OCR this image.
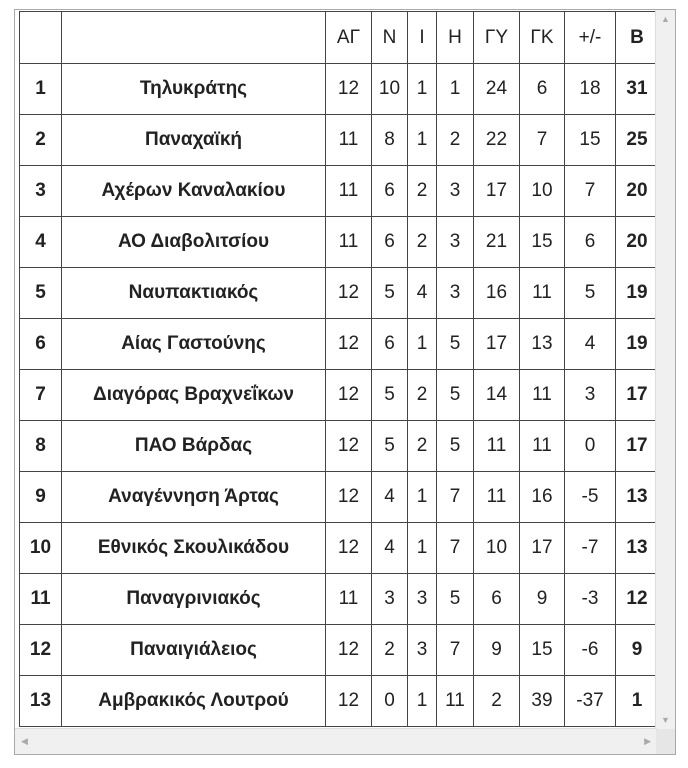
		ΑΓ	Ν	Ι	Η	ΓΥ	ΓΚ	+/-	Β
1	Τηλυκράτης	12	10	1	1	24	6	18	31
2	Παναχαϊκή	11	8	1	2	22	7	15	25
3	Αχέρων Καναλακίου	11	6	2	3	17	10	7	20
4	ΑΟ Διαβολιτσίου	11	6	2	3	21	15	6	20
5	Ναυπακτιακός	12	5	4	3	16	11	5	19
6	Αίας Γαστούνης	12	6	1	5	17	13	4	19
7	Διαγόρας Βραχνεΐκων	12	5	2	5	14	11	3	17
8	ΠΑΟ Βάρδας	12	5	2	5	11	11	0	17
9	Αναγέννηση Άρτας	12	4	1	7	11	16	-5	13
10	Εθνικός Σκουλικάδου	12	4	1	7	10	17	-7	13
11	Παναγρινιακός	11	3	3	5	6	9	-3	12
12	Παναιγιάλειος	12	2	3	7	9	15	-6	9
13	Αμβρακικός Λουτρού	12	0	1	11	2	39	-37	1
▲
▼
◀	▶
